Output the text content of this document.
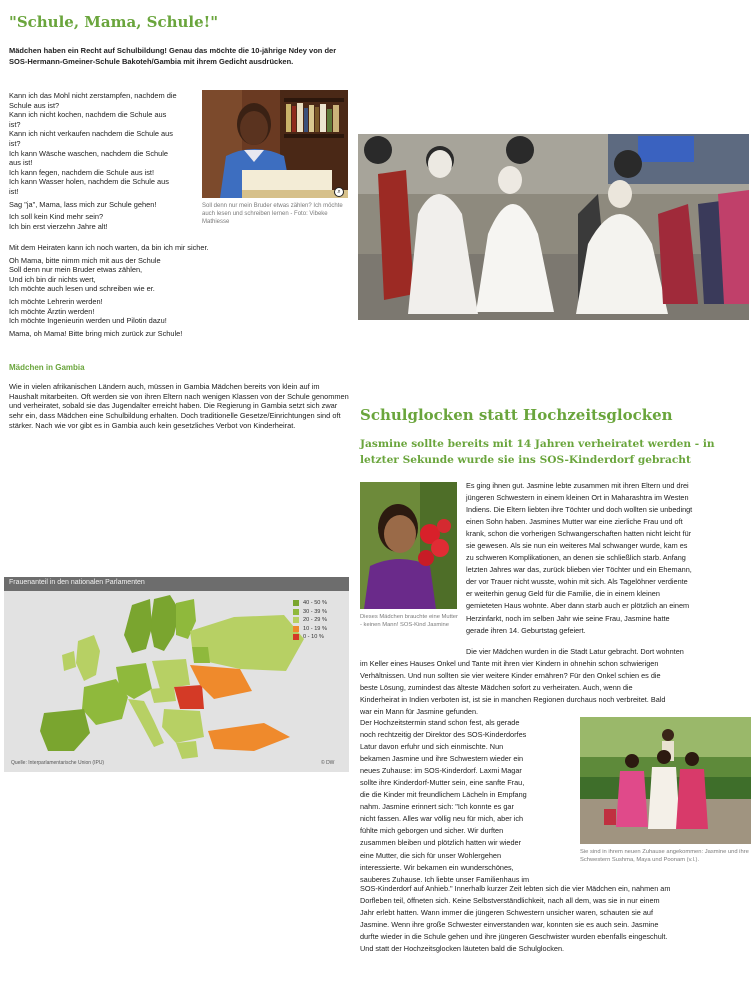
"Schule, Mama, Schule!"
Mädchen haben ein Recht auf Schulbildung! Genau das möchte die 10-jährige Ndey von der SOS-Hermann-Gmeiner-Schule Bakoteh/Gambia mit ihrem Gedicht ausdrücken.
Kann ich das Mohl nicht zerstampfen, nachdem die
Schule aus ist?
Kann ich nicht kochen, nachdem die Schule aus
ist?
Kann ich nicht verkaufen nachdem die Schule aus
ist?
Ich kann Wäsche waschen, nachdem die Schule
aus ist!
Ich kann fegen, nachdem die Schule aus ist!
Ich kann Wasser holen, nachdem die Schule aus
ist!
Sag "ja", Mama, lass mich zur Schule gehen!
Ich soll kein Kind mehr sein?
Ich bin erst vierzehn Jahre alt!
Mit dem Heiraten kann ich noch warten, da bin ich mir sicher.
Oh Mama, bitte nimm mich mit aus der Schule
Soll denn nur mein Bruder etwas zählen,
Und ich bin dir nichts wert,
Ich möchte auch lesen und schreiben wie er.
Ich möchte Lehrerin werden!
Ich möchte Ärztin werden!
Ich möchte Ingenieurin werden und Pilotin dazu!
Mama, oh Mama! Bitte bring mich zurück zur Schule!
⌕
Soll denn nur mein Bruder etwas zählen? Ich möchte auch lesen und schreiben lernen - Foto: Vibeke Mathiesse
Mädchen in Gambia
Wie in vielen afrikanischen Ländern auch, müssen in Gambia Mädchen bereits von klein auf im Haushalt mitarbeiten. Oft werden sie von ihren Eltern nach wenigen Klassen von der Schule genommen und verheiratet, sobald sie das Jugendalter erreicht haben. Die Regierung in Gambia setzt sich zwar sehr ein, dass Mädchen eine Schulbildung erhalten. Doch traditionelle Gesetze/Einrichtungen sind oft stärker. Nach wie vor gibt es in Gambia auch kein gesetzliches Verbot von Kinderheirat.
Frauenanteil in den nationalen Parlamenten
40 - 50 %
30 - 39 %
20 - 29 %
10 - 19 %
0 - 10 %
Quelle: Interparlamentarische Union (IPU)	© DW
Schulglocken statt Hochzeitsglocken
Jasmine sollte bereits mit 14 Jahren verheiratet werden - in letzter Sekunde wurde sie ins SOS-Kinderdorf gebracht
Dieses Mädchen brauchte eine Mutter - keinen Mann! SOS-Kind Jasmine
Es ging ihnen gut. Jasmine lebte zusammen mit ihren Eltern und drei
jüngeren Schwestern in einem kleinen Ort in Maharashtra im Westen
Indiens. Die Eltern liebten ihre Töchter und doch wollten sie unbedingt
einen Sohn haben. Jasmines Mutter war eine zierliche Frau und oft
krank, schon die vorherigen Schwangerschaften hatten nicht leicht für
sie gewesen. Als sie nun ein weiteres Mal schwanger wurde, kam es
zu schweren Komplikationen, an denen sie schließlich starb. Anfang
letzten Jahres war das, zurück blieben vier Töchter und ein Ehemann,
der vor Trauer nicht wusste, wohin mit sich. Als Tagelöhner verdiente
er weiterhin genug Geld für die Familie, die in einem kleinen
gemieteten Haus wohnte. Aber dann starb auch er plötzlich an einem
Herzinfarkt, noch im selben Jahr wie seine Frau, Jasmine hatte
gerade ihren 14. Geburtstag gefeiert.
Die vier Mädchen wurden in die Stadt Latur gebracht. Dort wohnten
im Keller eines Hauses Onkel und Tante mit ihren vier Kindern in ohnehin schon schwierigen
Verhältnissen. Und nun sollten sie vier weitere Kinder ernähren? Für den Onkel schien es die
beste Lösung, zumindest das älteste Mädchen sofort zu verheiraten. Auch, wenn die
Kinderheirat in Indien verboten ist, ist sie in manchen Regionen durchaus noch verbreitet. Bald
war ein Mann für Jasmine gefunden.
Der Hochzeitstermin stand schon fest, als gerade
noch rechtzeitig der Direktor des SOS-Kinderdorfes
Latur davon erfuhr und sich einmischte. Nun
bekamen Jasmine und ihre Schwestern wieder ein
neues Zuhause: im SOS-Kinderdorf. Laxmi Magar
sollte ihre Kinderdorf-Mutter sein, eine sanfte Frau,
die die Kinder mit freundlichem Lächeln in Empfang
nahm. Jasmine erinnert sich: "Ich konnte es gar
nicht fassen. Alles war völlig neu für mich, aber ich
fühlte mich geborgen und sicher. Wir durften
zusammen bleiben und plötzlich hatten wir wieder
eine Mutter, die sich für unser Wohlergehen
interessierte. Wir bekamen ein wunderschönes,
sauberes Zuhause. Ich liebte unser Familienhaus im
Sie sind in ihrem neuen Zuhause angekommen: Jasmine und ihre Schwestern Sushma, Maya und Poonam (v.l.).
SOS-Kinderdorf auf Anhieb." Innerhalb kurzer Zeit lebten sich die vier Mädchen ein, nahmen am
Dorfleben teil, öffneten sich. Keine Selbstverständlichkeit, nach all dem, was sie in nur einem
Jahr erlebt hatten. Wann immer die jüngeren Schwestern unsicher waren, schauten sie auf
Jasmine. Wenn ihre große Schwester einverstanden war, konnten sie es auch sein. Jasmine
durfte wieder in die Schule gehen und ihre jüngeren Geschwister wurden ebenfalls eingeschult.
Und statt der Hochzeitsglocken läuteten bald die Schulglocken.
